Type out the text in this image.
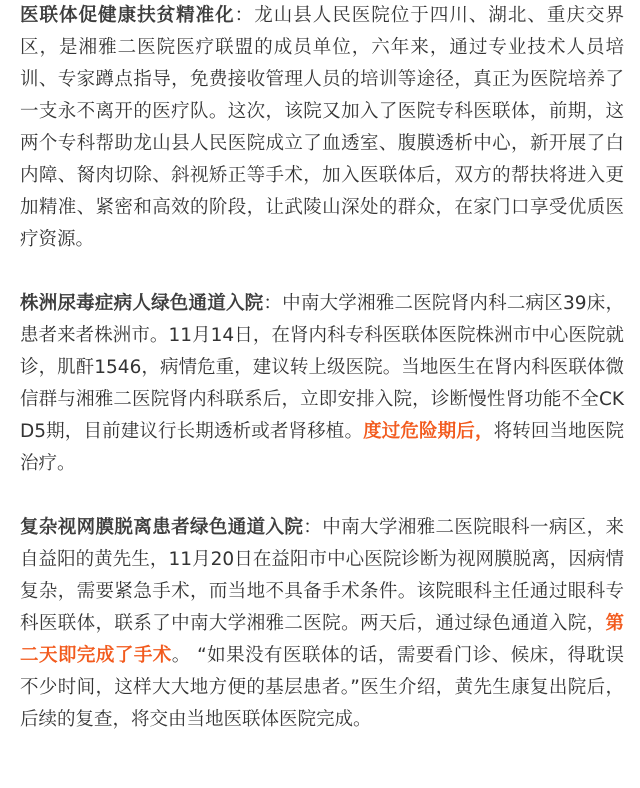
医联体促健康扶贫精准化：龙山县人民医院位于四川、湖北、重庆交界区，是湘雅二医院医疗联盟的成员单位，六年来，通过专业技术人员培训、专家蹲点指导，免费接收管理人员的培训等途径，真正为医院培养了一支永不离开的医疗队。这次，该院又加入了医院专科医联体，前期，这两个专科帮助龙山县人民医院成立了血透室、腹膜透析中心，新开展了白内障、胬肉切除、斜视矫正等手术，加入医联体后，双方的帮扶将进入更加精准、紧密和高效的阶段，让武陵山深处的群众，在家门口享受优质医疗资源。

株洲尿毒症病人绿色通道入院：中南大学湘雅二医院肾内科二病区39床，患者来者株洲市。11月14日，在肾内科专科医联体医院株洲市中心医院就诊，肌酐1546，病情危重，建议转上级医院。当地医生在肾内科医联体微信群与湘雅二医院肾内科联系后，立即安排入院，诊断慢性肾功能不全CKD5期，目前建议行长期透析或者肾移植。度过危险期后，将转回当地医院治疗。

复杂视网膜脱离患者绿色通道入院：中南大学湘雅二医院眼科一病区，来自益阳的黄先生，11月20日在益阳市中心医院诊断为视网膜脱离，因病情复杂，需要紧急手术，而当地不具备手术条件。该院眼科主任通过眼科专科医联体，联系了中南大学湘雅二医院。两天后，通过绿色通道入院，第二天即完成了手术。 “如果没有医联体的话，需要看门诊、候床，得耽误不少时间，这样大大地方便的基层患者。”医生介绍，黄先生康复出院后，后续的复查，将交由当地医联体医院完成。
